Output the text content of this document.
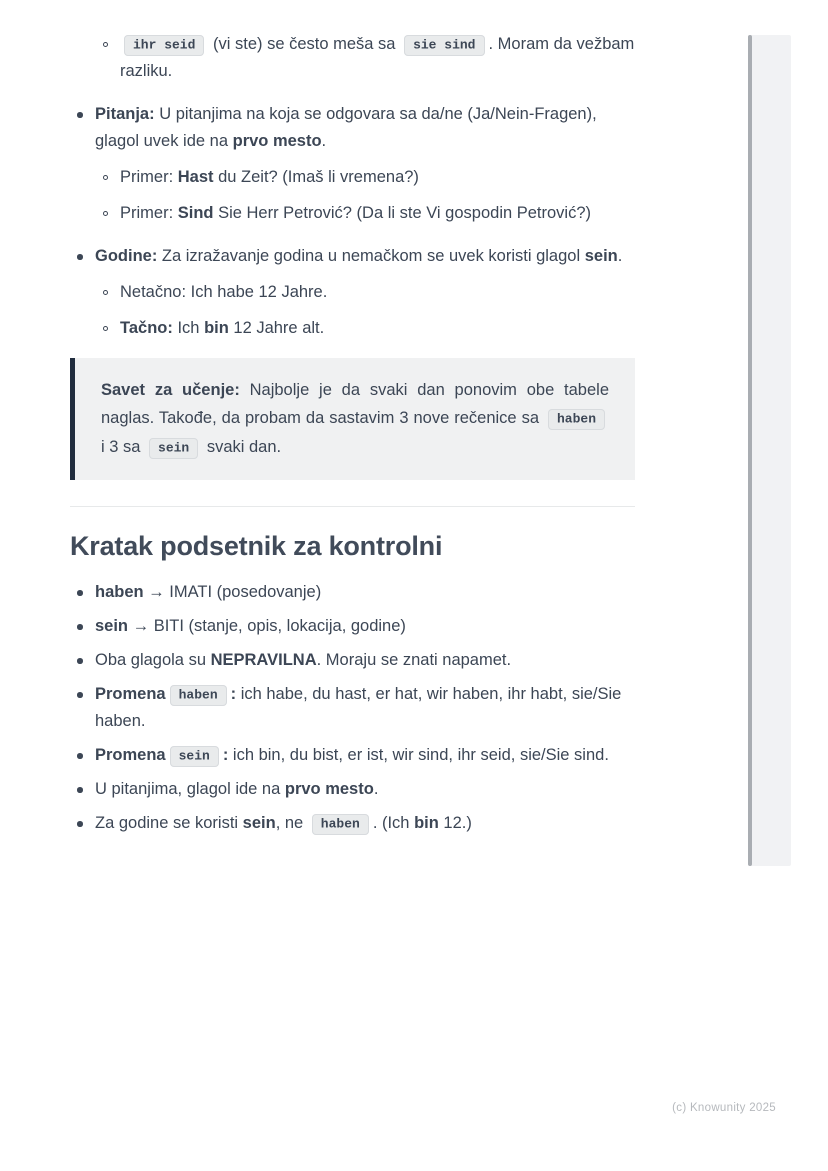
ihr seid (vi ste) se često meša sa sie sind . Moram da vežbam razliku.
Pitanja: U pitanjima na koja se odgovara sa da/ne (Ja/Nein-Fragen), glagol uvek ide na prvo mesto.
Primer: Hast du Zeit? (Imaš li vremena?)
Primer: Sind Sie Herr Petrović? (Da li ste Vi gospodin Petrović?)
Godine: Za izražavanje godina u nemačkom se uvek koristi glagol sein.
Netačno: Ich habe 12 Jahre.
Tačno: Ich bin 12 Jahre alt.
Savet za učenje: Najbolje je da svaki dan ponovim obe tabele naglas. Takođe, da probam da sastavim 3 nove rečenice sa haben i 3 sa sein svaki dan.
Kratak podsetnik za kontrolni
haben → IMATI (posedovanje)
sein → BITI (stanje, opis, lokacija, godine)
Oba glagola su NEPRAVILNA. Moraju se znati napamet.
Promena haben : ich habe, du hast, er hat, wir haben, ihr habt, sie/Sie haben.
Promena sein : ich bin, du bist, er ist, wir sind, ihr seid, sie/Sie sind.
U pitanjima, glagol ide na prvo mesto.
Za godine se koristi sein, ne haben . (Ich bin 12.)
(c) Knowunity 2025
